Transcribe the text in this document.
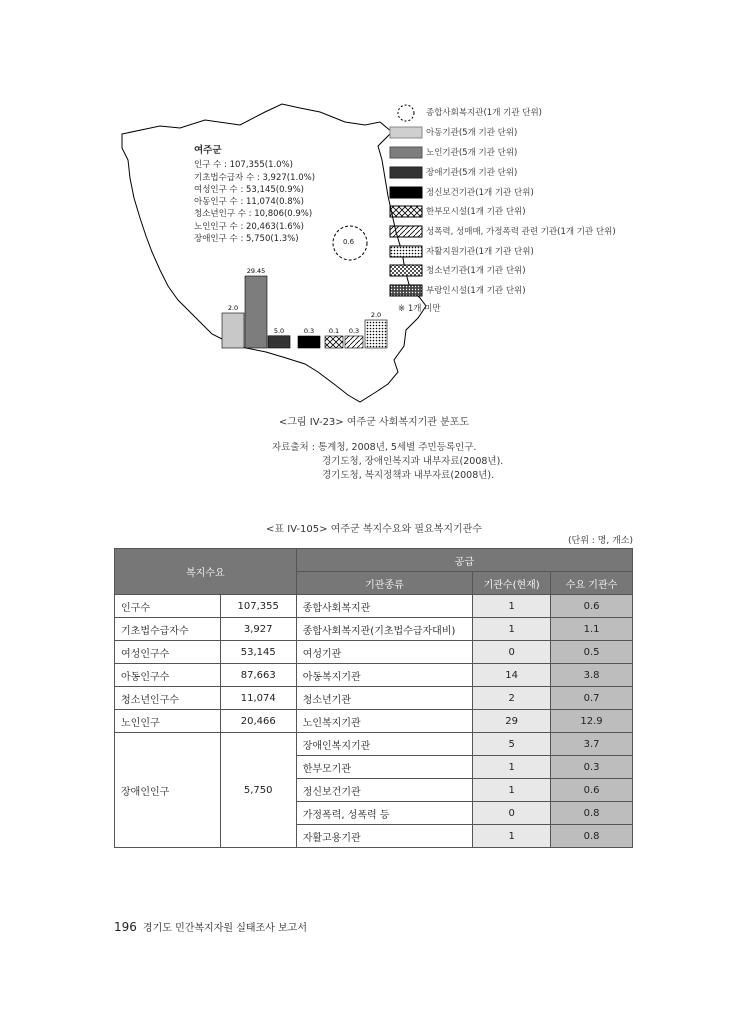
2.0
29.45
5.0	0.3 0.1 0.3
2.0
여주군
인구 수 : 107,355(1.0%)
기초법수급자 수 : 3,927(1.0%)
여성인구 수 : 53,145(0.9%)
아동인구 수 : 11,074(0.8%)
청소년인구 수 : 10,806(0.9%)
노인인구 수 : 20,463(1.6%)
장애인구 수 : 5,750(1.3%)	0.6
종합사회복지관(1개 기관 단위)
아동기관(5개 기관 단위)
노인기관(5개 기관 단위)
장애기관(5개 기관 단위)
정신보건기관(1개 기관 단위)
한부모시설(1개 기관 단위)
성폭력, 성매매, 가정폭력 관련 기관(1개 기관 단위)
자활지원기관(1개 기관 단위)
청소년기관(1개 기관 단위)
부랑인시설(1개 기관 단위)
※ 1개 미만
<그림 IV-23> 여주군 사회복지기관 분포도
자료출처 : 통계청, 2008년, 5세별 주민등록인구.
경기도청, 장애인복지과 내부자료(2008년).
경기도청, 복지정책과 내부자료(2008년).
<표 IV-105> 여주군 복지수요와 필요복지기관수
(단위 : 명, 개소)
복지수요		공급		
		기관종류	기관수(현재)	수요 기관수
인구수	107,355	종합사회복지관	1	0.6
기초법수급자수	3,927	종합사회복지관(기초법수급자대비)	1	1.1
여성인구수	53,145	여성기관	0	0.5
아동인구수	87,663	아동복지기관	14	3.8
청소년인구수	11,074	청소년기관	2	0.7
노인인구	20,466	노인복지기관	29	12.9
장애인인구	5,750	장애인복지기관	5	3.7
		한부모기관	1	0.3
		정신보건기관	1	0.6
		가정폭력, 성폭력 등	0	0.8
		자활고용기관	1	0.8
196 경기도 민간복지자원 실태조사 보고서
